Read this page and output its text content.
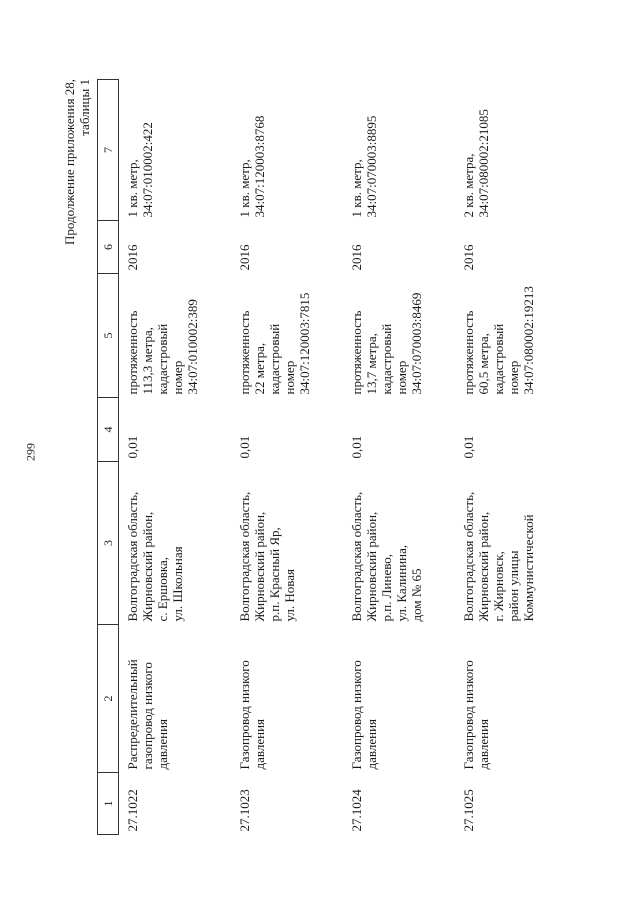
299
Продолжение приложения 28, таблицы 1
1	2	3	4	5	6	7
27.1022	Распределительный газопровод низкого давления	Волгоградская область, Жирновский район, с. Ершовка, ул. Школьная	0,01	протяженность 113,3 метра, кадастровый номер 34:07:010002:389	2016	1 кв. метр, 34:07:010002:422

27.1023	Газопровод низкого давления	Волгоградская область, Жирновский район, р.п. Красный Яр, ул. Новая	0,01	протяженность 22 метра, кадастровый номер 34:07:120003:7815	2016	1 кв. метр, 34:07:120003:8768

27.1024	Газопровод низкого давления	Волгоградская область, Жирновский район, р.п. Линево, ул. Калинина, дом № 65	0,01	протяженность 13,7 метра, кадастровый номер 34:07:070003:8469	2016	1 кв. метр, 34:07:070003:8895

27.1025	Газопровод низкого давления	Волгоградская область, Жирновский район, г. Жирновск, район улицы Коммунистической	0,01	протяженность 60,5 метра, кадастровый номер 34:07:080002:19213	2016	2 кв. метра, 34:07:080002:21085
